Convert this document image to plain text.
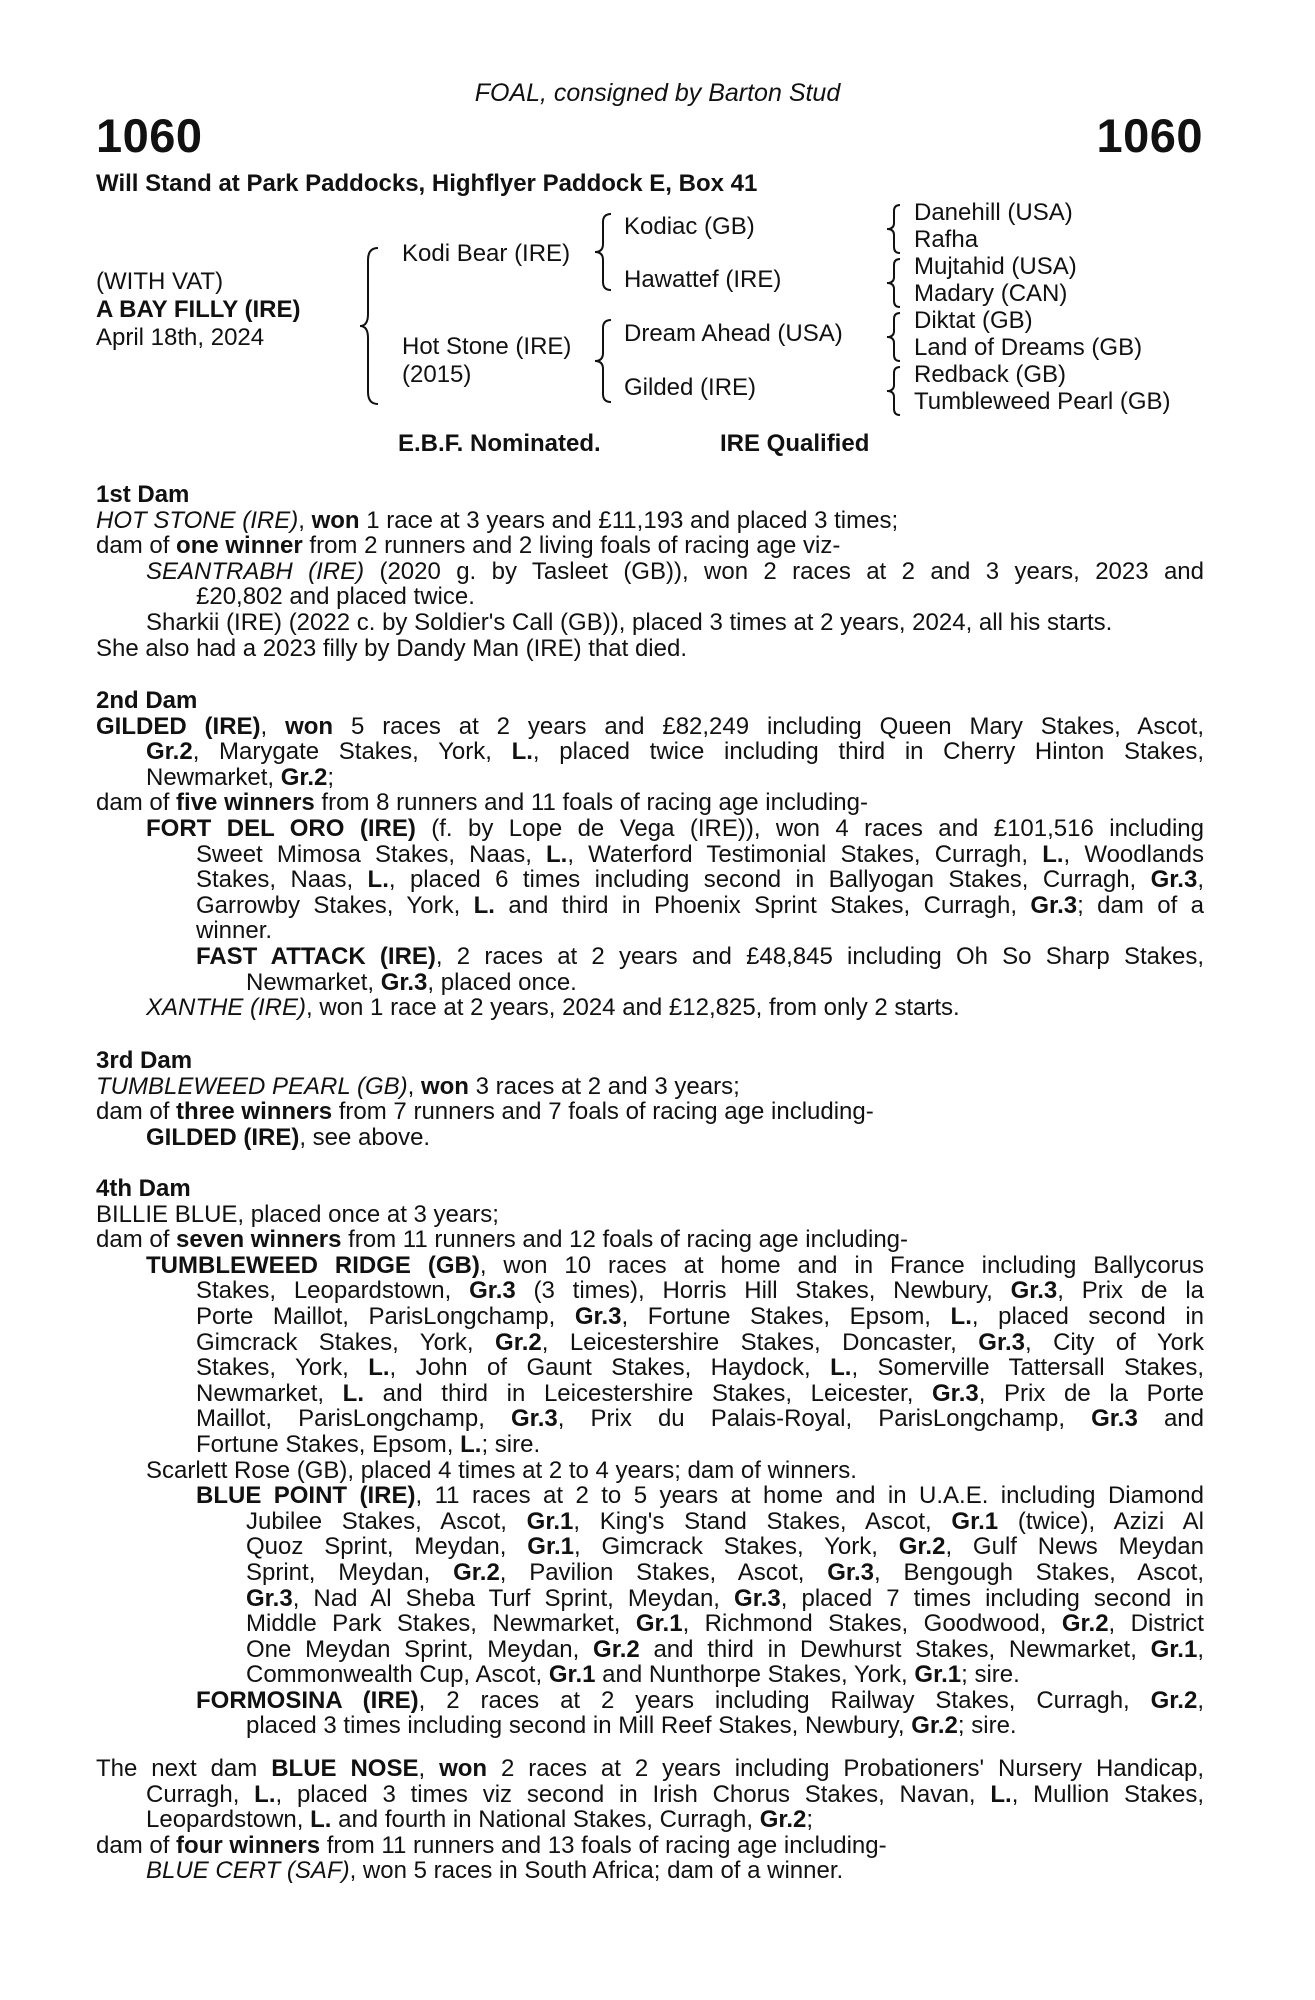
FOAL, consigned by Barton Stud
1060	1060
Will Stand at Park Paddocks, Highflyer Paddock E, Box 41
(WITH VAT)
A BAY FILLY (IRE)
April 18th, 2024
Kodi Bear (IRE)
Hot Stone (IRE)
(2015)
Kodiac (GB)
Hawattef (IRE)
Dream Ahead (USA)
Gilded (IRE)
Danehill (USA)
Rafha
Mujtahid (USA)
Madary (CAN)
Diktat (GB)
Land of Dreams (GB)
Redback (GB)
Tumbleweed Pearl (GB)
E.B.F. Nominated.	IRE Qualified

1st Dam

HOT STONE (IRE), won 1 race at 3 years and £11,193 and placed 3 times;

dam of one winner from 2 runners and 2 living foals of racing age viz-

SEANTRABH (IRE) (2020 g. by Tasleet (GB)), won 2 races at 2 and 3 years, 2023 and

£20,802 and placed twice.

Sharkii (IRE) (2022 c. by Soldier's Call (GB)), placed 3 times at 2 years, 2024, all his starts.

She also had a 2023 filly by Dandy Man (IRE) that died.

2nd Dam

GILDED (IRE), won 5 races at 2 years and £82,249 including Queen Mary Stakes, Ascot,

Gr.2, Marygate Stakes, York, L., placed twice including third in Cherry Hinton Stakes,

Newmarket, Gr.2;

dam of five winners from 8 runners and 11 foals of racing age including-

FORT DEL ORO (IRE) (f. by Lope de Vega (IRE)), won 4 races and £101,516 including

Sweet Mimosa Stakes, Naas, L., Waterford Testimonial Stakes, Curragh, L., Woodlands

Stakes, Naas, L., placed 6 times including second in Ballyogan Stakes, Curragh, Gr.3,

Garrowby Stakes, York, L. and third in Phoenix Sprint Stakes, Curragh, Gr.3; dam of a

winner.

FAST ATTACK (IRE), 2 races at 2 years and £48,845 including Oh So Sharp Stakes,

Newmarket, Gr.3, placed once.

XANTHE (IRE), won 1 race at 2 years, 2024 and £12,825, from only 2 starts.

3rd Dam

TUMBLEWEED PEARL (GB), won 3 races at 2 and 3 years;

dam of three winners from 7 runners and 7 foals of racing age including-

GILDED (IRE), see above.

4th Dam

BILLIE BLUE, placed once at 3 years;

dam of seven winners from 11 runners and 12 foals of racing age including-

TUMBLEWEED RIDGE (GB), won 10 races at home and in France including Ballycorus

Stakes, Leopardstown, Gr.3 (3 times), Horris Hill Stakes, Newbury, Gr.3, Prix de la

Porte Maillot, ParisLongchamp, Gr.3, Fortune Stakes, Epsom, L., placed second in

Gimcrack Stakes, York, Gr.2, Leicestershire Stakes, Doncaster, Gr.3, City of York

Stakes, York, L., John of Gaunt Stakes, Haydock, L., Somerville Tattersall Stakes,

Newmarket, L. and third in Leicestershire Stakes, Leicester, Gr.3, Prix de la Porte

Maillot, ParisLongchamp, Gr.3, Prix du Palais-Royal, ParisLongchamp, Gr.3 and

Fortune Stakes, Epsom, L.; sire.

Scarlett Rose (GB), placed 4 times at 2 to 4 years; dam of winners.

BLUE POINT (IRE), 11 races at 2 to 5 years at home and in U.A.E. including Diamond

Jubilee Stakes, Ascot, Gr.1, King's Stand Stakes, Ascot, Gr.1 (twice), Azizi Al

Quoz Sprint, Meydan, Gr.1, Gimcrack Stakes, York, Gr.2, Gulf News Meydan

Sprint, Meydan, Gr.2, Pavilion Stakes, Ascot, Gr.3, Bengough Stakes, Ascot,

Gr.3, Nad Al Sheba Turf Sprint, Meydan, Gr.3, placed 7 times including second in

Middle Park Stakes, Newmarket, Gr.1, Richmond Stakes, Goodwood, Gr.2, District

One Meydan Sprint, Meydan, Gr.2 and third in Dewhurst Stakes, Newmarket, Gr.1,

Commonwealth Cup, Ascot, Gr.1 and Nunthorpe Stakes, York, Gr.1; sire.

FORMOSINA (IRE), 2 races at 2 years including Railway Stakes, Curragh, Gr.2,

placed 3 times including second in Mill Reef Stakes, Newbury, Gr.2; sire.

The next dam BLUE NOSE, won 2 races at 2 years including Probationers' Nursery Handicap,

Curragh, L., placed 3 times viz second in Irish Chorus Stakes, Navan, L., Mullion Stakes,

Leopardstown, L. and fourth in National Stakes, Curragh, Gr.2;

dam of four winners from 11 runners and 13 foals of racing age including-

BLUE CERT (SAF), won 5 races in South Africa; dam of a winner.
